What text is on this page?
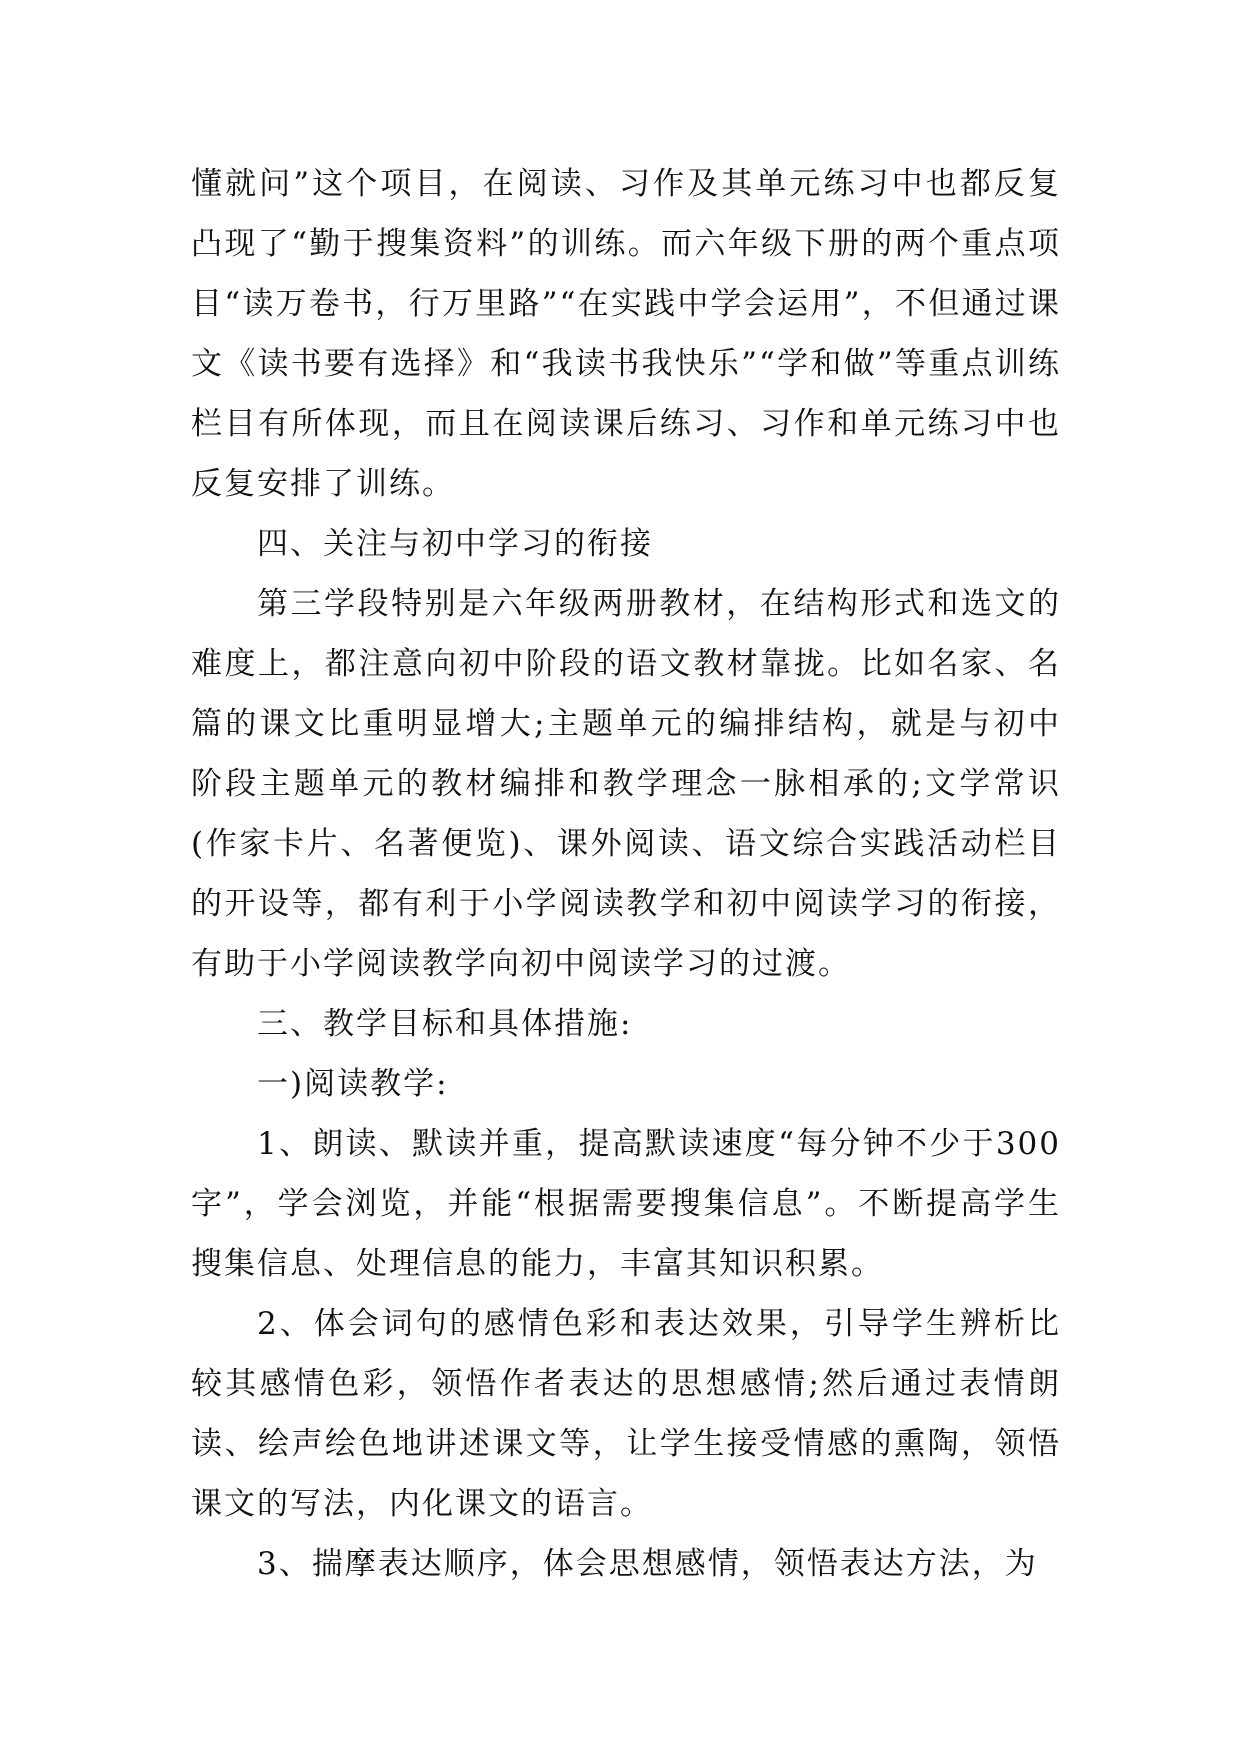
懂就问”这个项目，在阅读、习作及其单元练习中也都反复凸现了“勤于搜集资料”的训练。而六年级下册的两个重点项目“读万卷书，行万里路”“在实践中学会运用”，不但通过课文《读书要有选择》和“我读书我快乐”“学和做”等重点训练栏目有所体现，而且在阅读课后练习、习作和单元练习中也反复安排了训练。

四、关注与初中学习的衔接

第三学段特别是六年级两册教材，在结构形式和选文的难度上，都注意向初中阶段的语文教材靠拢。比如名家、名篇的课文比重明显增大;主题单元的编排结构，就是与初中阶段主题单元的教材编排和教学理念一脉相承的;文学常识(作家卡片、名著便览)、课外阅读、语文综合实践活动栏目的开设等，都有利于小学阅读教学和初中阅读学习的衔接，有助于小学阅读教学向初中阅读学习的过渡。

三、教学目标和具体措施:

一)阅读教学:

1、朗读、默读并重，提高默读速度“每分钟不少于300字”，学会浏览，并能“根据需要搜集信息”。不断提高学生搜集信息、处理信息的能力，丰富其知识积累。

2、体会词句的感情色彩和表达效果，引导学生辨析比较其感情色彩，领悟作者表达的思想感情;然后通过表情朗读、绘声绘色地讲述课文等，让学生接受情感的熏陶，领悟课文的写法，内化课文的语言。

3、揣摩表达顺序，体会思想感情，领悟表达方法，为
